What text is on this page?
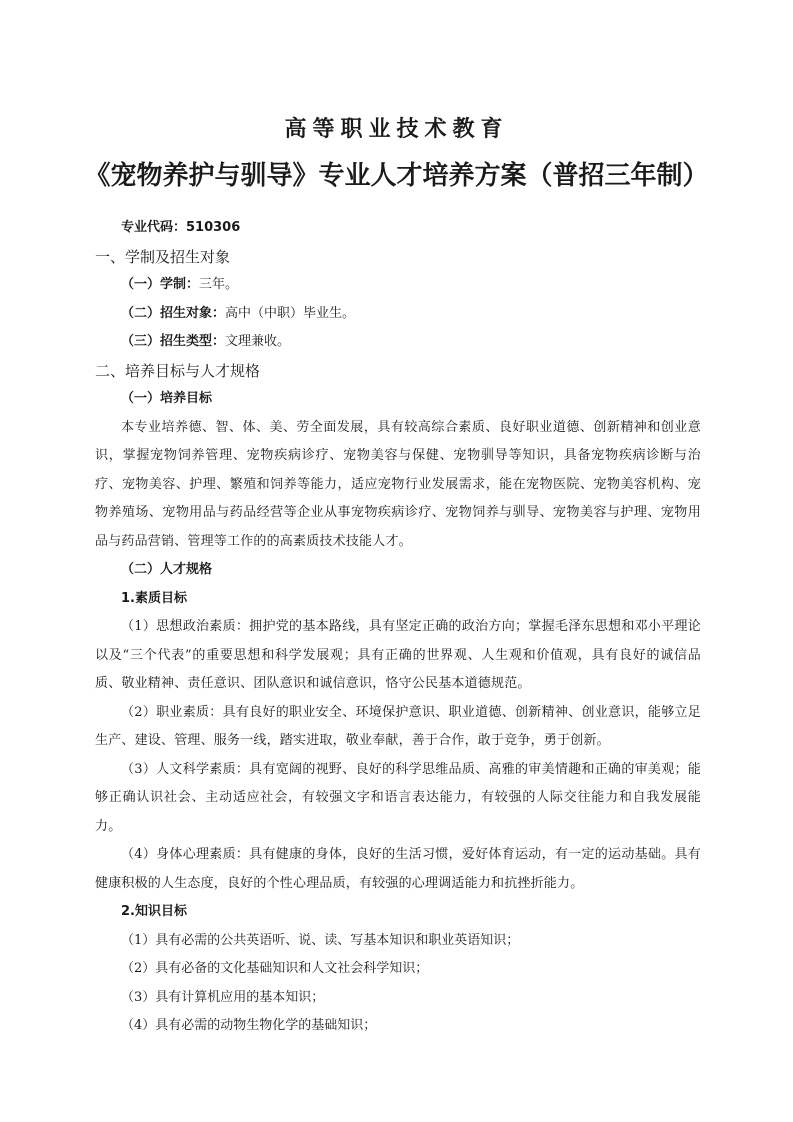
高等职业技术教育
《宠物养护与驯导》专业人才培养方案（普招三年制）

专业代码：510306

一、学制及招生对象

（一）学制：三年。

（二）招生对象：高中（中职）毕业生。

（三）招生类型：文理兼收。

二、培养目标与人才规格

（一）培养目标

本专业培养德、智、体、美、劳全面发展，具有较高综合素质、良好职业道德、创新精神和创业意识，掌握宠物饲养管理、宠物疾病诊疗、宠物美容与保健、宠物驯导等知识，具备宠物疾病诊断与治疗、宠物美容、护理、繁殖和饲养等能力，适应宠物行业发展需求，能在宠物医院、宠物美容机构、宠物养殖场、宠物用品与药品经营等企业从事宠物疾病诊疗、宠物饲养与驯导、宠物美容与护理、宠物用品与药品营销、管理等工作的的高素质技术技能人才。

（二）人才规格

1.素质目标

（1）思想政治素质：拥护党的基本路线，具有坚定正确的政治方向；掌握毛泽东思想和邓小平理论以及“三个代表”的重要思想和科学发展观；具有正确的世界观、人生观和价值观，具有良好的诚信品质、敬业精神、责任意识、团队意识和诚信意识，恪守公民基本道德规范。

（2）职业素质：具有良好的职业安全、环境保护意识、职业道德、创新精神、创业意识，能够立足生产、建设、管理、服务一线，踏实进取，敬业奉献，善于合作，敢于竞争，勇于创新。

（3）人文科学素质：具有宽阔的视野、良好的科学思维品质、高雅的审美情趣和正确的审美观；能够正确认识社会、主动适应社会，有较强文字和语言表达能力，有较强的人际交往能力和自我发展能力。

（4）身体心理素质：具有健康的身体，良好的生活习惯，爱好体育运动，有一定的运动基础。具有健康积极的人生态度，良好的个性心理品质，有较强的心理调适能力和抗挫折能力。

2.知识目标

（1）具有必需的公共英语听、说、读、写基本知识和职业英语知识；

（2）具有必备的文化基础知识和人文社会科学知识；

（3）具有计算机应用的基本知识；

（4）具有必需的动物生物化学的基础知识；
